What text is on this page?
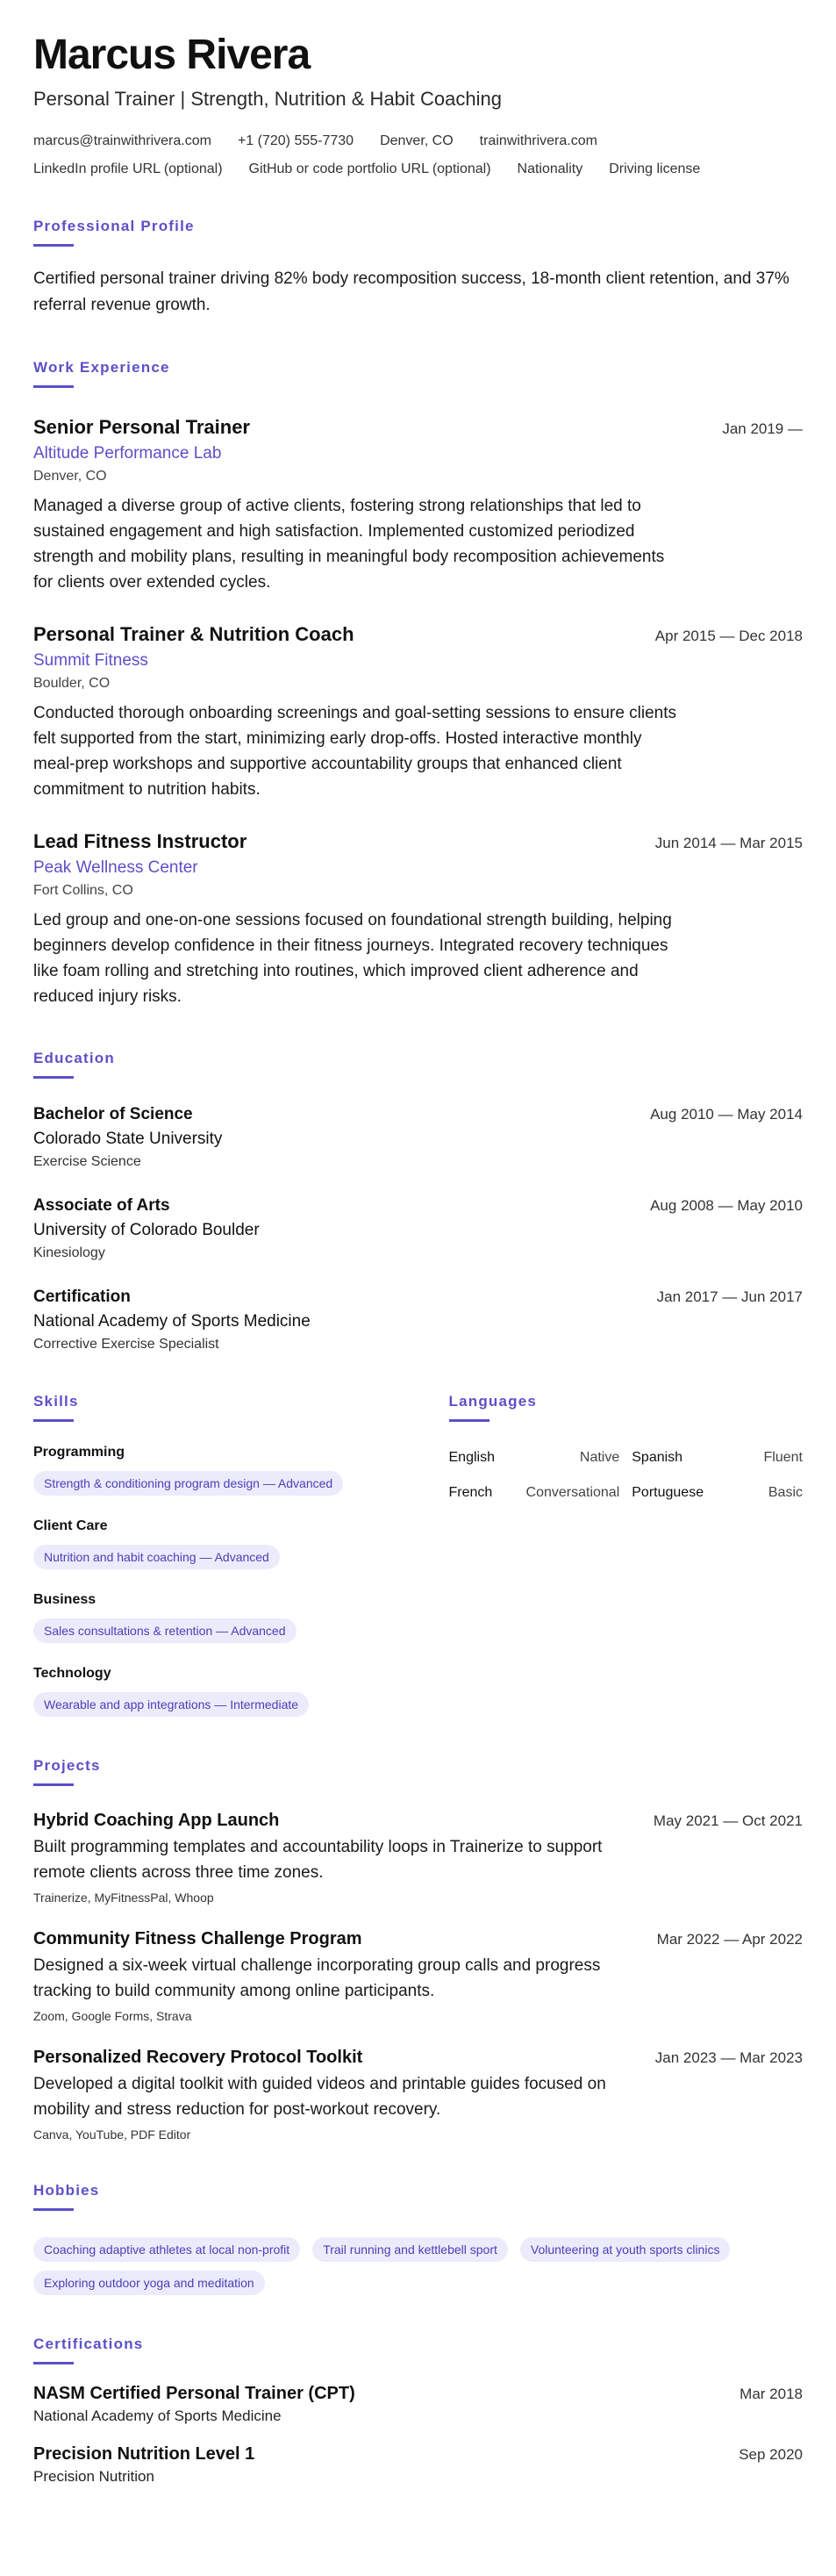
Marcus Rivera
Personal Trainer | Strength, Nutrition & Habit Coaching
marcus@trainwithrivera.com +1 (720) 555-7730 Denver, CO trainwithrivera.com
LinkedIn profile URL (optional) GitHub or code portfolio URL (optional) Nationality Driving license
Professional Profile

Certified personal trainer driving 82% body recomposition success, 18-month client retention, and 37% referral revenue growth.

Work Experience
Senior Personal Trainer	Jan 2019 —
Altitude Performance Lab
Denver, CO

Managed a diverse group of active clients, fostering strong relationships that led to sustained engagement and high satisfaction. Implemented customized periodized strength and mobility plans, resulting in meaningful body recomposition achievements for clients over extended cycles.

Personal Trainer & Nutrition Coach	Apr 2015 — Dec 2018
Summit Fitness
Boulder, CO

Conducted thorough onboarding screenings and goal-setting sessions to ensure clients felt supported from the start, minimizing early drop-offs. Hosted interactive monthly meal-prep workshops and supportive accountability groups that enhanced client commitment to nutrition habits.

Lead Fitness Instructor	Jun 2014 — Mar 2015
Peak Wellness Center
Fort Collins, CO

Led group and one-on-one sessions focused on foundational strength building, helping beginners develop confidence in their fitness journeys. Integrated recovery techniques like foam rolling and stretching into routines, which improved client adherence and reduced injury risks.

Education
Bachelor of Science	Aug 2010 — May 2014
Colorado State University
Exercise Science
Associate of Arts	Aug 2008 — May 2010
University of Colorado Boulder
Kinesiology
Certification	Jan 2017 — Jun 2017
National Academy of Sports Medicine
Corrective Exercise Specialist
Skills
Programming
Strength & conditioning program design — Advanced
Client Care
Nutrition and habit coaching — Advanced
Business
Sales consultations & retention — Advanced
Technology
Wearable and app integrations — Intermediate
Languages
English	Native Spanish	Fluent
French Conversational Portuguese	Basic
Projects
Hybrid Coaching App Launch	May 2021 — Oct 2021

Built programming templates and accountability loops in Trainerize to support remote clients across three time zones.

Trainerize, MyFitnessPal, Whoop
Community Fitness Challenge Program	Mar 2022 — Apr 2022

Designed a six-week virtual challenge incorporating group calls and progress tracking to build community among online participants.

Zoom, Google Forms, Strava
Personalized Recovery Protocol Toolkit	Jan 2023 — Mar 2023

Developed a digital toolkit with guided videos and printable guides focused on mobility and stress reduction for post-workout recovery.

Canva, YouTube, PDF Editor
Hobbies
Coaching adaptive athletes at local non-profit	Trail running and kettlebell sport	Volunteering at youth sports clinics
Exploring outdoor yoga and meditation
Certifications
NASM Certified Personal Trainer (CPT)	Mar 2018
National Academy of Sports Medicine
Precision Nutrition Level 1	Sep 2020
Precision Nutrition
